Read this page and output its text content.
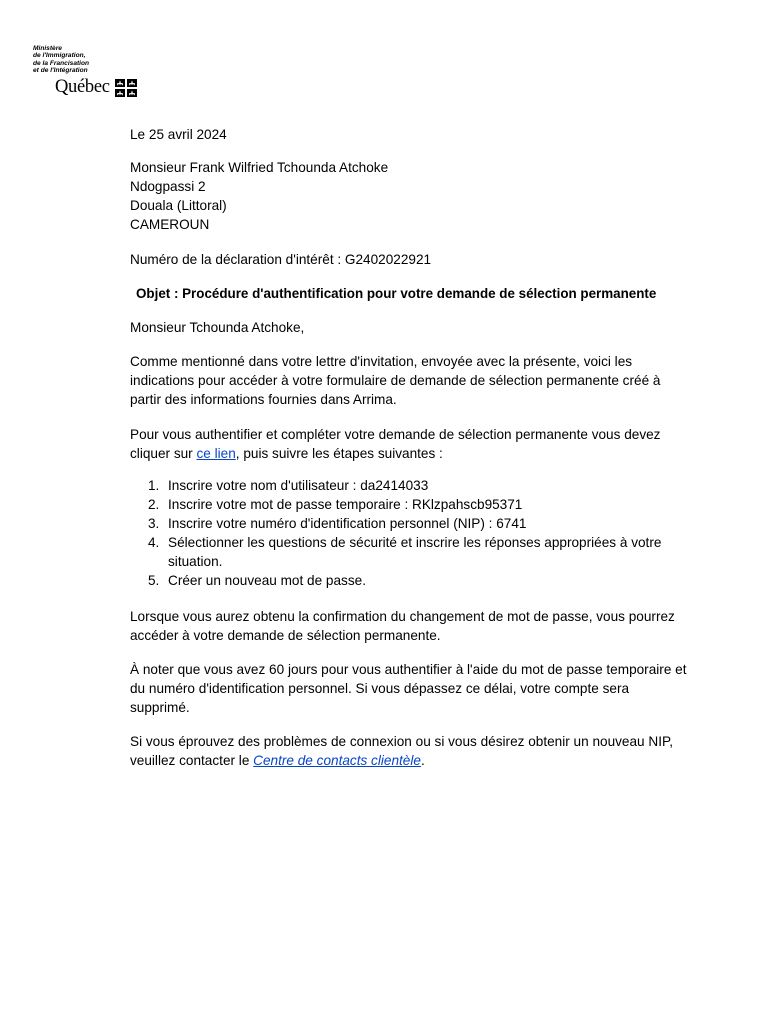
Ministère
de l'Immigration,
de la Francisation
et de l'Intégration
Québec

Le 25 avril 2024

Monsieur Frank Wilfried Tchounda Atchoke
Ndogpassi 2
Douala (Littoral)
CAMEROUN

Numéro de la déclaration d'intérêt : G2402022921

Objet : Procédure d'authentification pour votre demande de sélection permanente

Monsieur Tchounda Atchoke,

Comme mentionné dans votre lettre d'invitation, envoyée avec la présente, voici les indications pour accéder à votre formulaire de demande de sélection permanente créé à partir des informations fournies dans Arrima.

Pour vous authentifier et compléter votre demande de sélection permanente vous devez cliquer sur ce lien, puis suivre les étapes suivantes :

1. Inscrire votre nom d'utilisateur : da2414033
2. Inscrire votre mot de passe temporaire : RKlzpahscb95371
3. Inscrire votre numéro d'identification personnel (NIP) : 6741
4. Sélectionner les questions de sécurité et inscrire les réponses appropriées à votre situation.
5. Créer un nouveau mot de passe.

Lorsque vous aurez obtenu la confirmation du changement de mot de passe, vous pourrez accéder à votre demande de sélection permanente.

À noter que vous avez 60 jours pour vous authentifier à l'aide du mot de passe temporaire et du numéro d'identification personnel. Si vous dépassez ce délai, votre compte sera supprimé.

Si vous éprouvez des problèmes de connexion ou si vous désirez obtenir un nouveau NIP, veuillez contacter le Centre de contacts clientèle.
